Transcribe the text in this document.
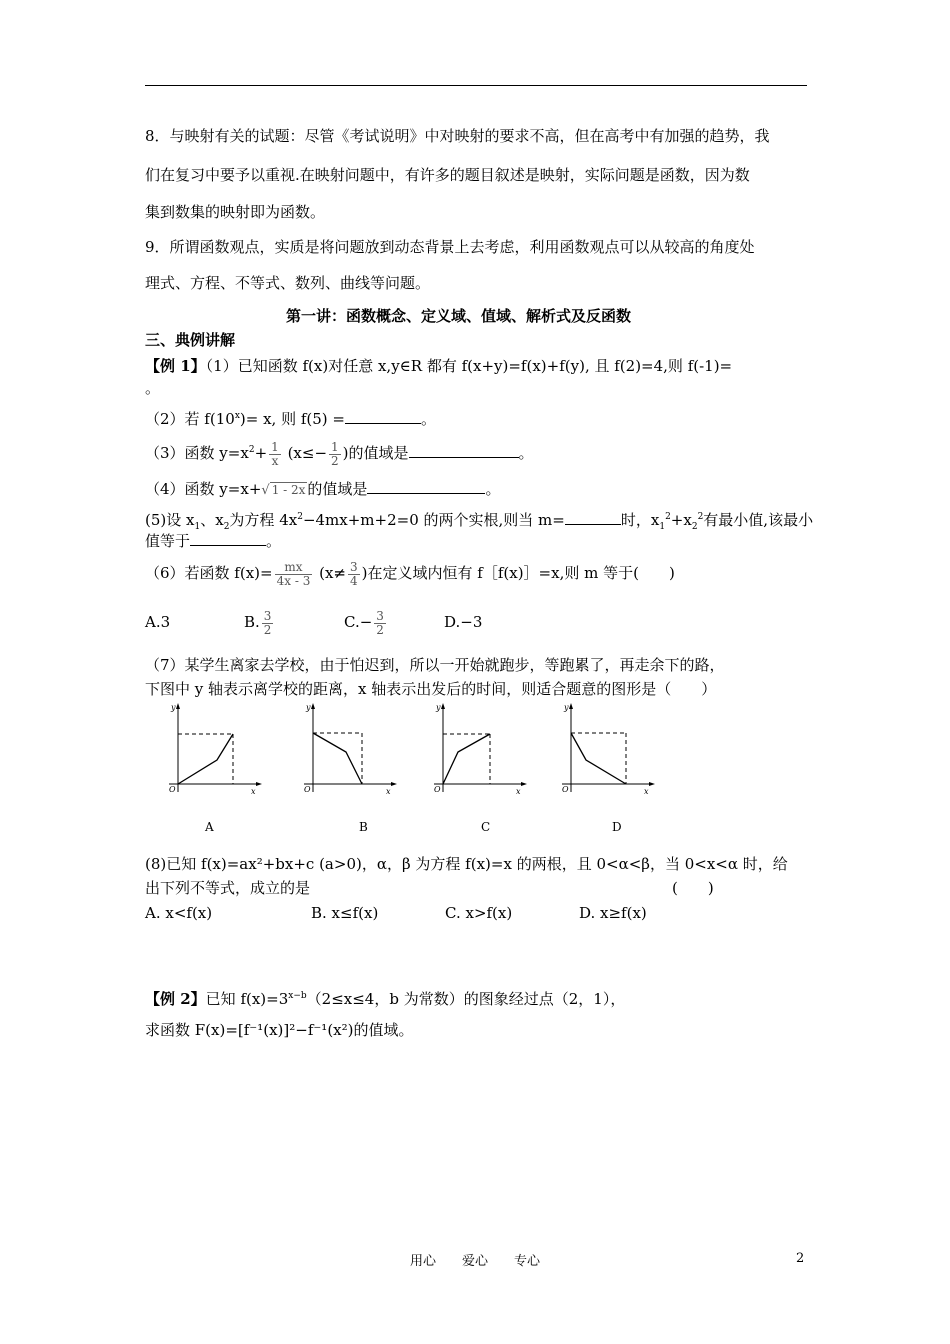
8．与映射有关的试题：尽管《考试说明》中对映射的要求不高，但在高考中有加强的趋势，我
们在复习中要予以重视.在映射问题中，有许多的题目叙述是映射，实际问题是函数，因为数
集到数集的映射即为函数。
9．所谓函数观点，实质是将问题放到动态背景上去考虑，利用函数观点可以从较高的角度处
理式、方程、不等式、数列、曲线等问题。
第一讲：函数概念、定义域、值域、解析式及反函数
三、典例讲解
【例 1】（1）已知函数 f(x)对任意 x,y∈R 都有 f(x+y)=f(x)+f(y), 且 f(2)=4,则 f(-1)=
。
（2）若 $f(10^x)= x$, 则 f(5) =	。
（3）函数 $y=x^2+ \frac{1}{x} (x\le- \frac{1}{2}$ )的值域是	。
（4）函数 y=x+√ 1 - 2x 的值域是	。
(5)设 $x_1$、$x_2$为方程 $4x^2-4mx+m+2=0$ 的两个实根,则当 m=	时，$x_1^2+x_2^2$有最小值,该最小
值等于	。
（6）若函数 $f(x)= \frac{mx}{4x - 3} (x\ne \frac{3}{4}$ )在定义域内恒有 f［f(x)］=x,则 m 等于(　　)
A.3	B. $\frac{3}{2}$	$C.- \frac{3}{2}$	D.−3
（7）某学生离家去学校，由于怕迟到，所以一开始就跑步，等跑累了，再走余下的路，
下图中 y 轴表示离学校的距离，x 轴表示出发后的时间，则适合题意的图形是（　　）
y
O	x
y
O	x
y
O	x
y
O	x
A	B	C	D
(8)已知 f(x)=ax²+bx+c (a>0)，α，β 为方程 f(x)=x 的两根，且 0<α<β，当 0<x<α 时，给
出下列不等式，成立的是	(　　)
A. x<f(x)	B. x≤f(x)	C. x>f(x)	D. x≥f(x)
【例 2】已知 $f(x)=3^{x-b}(2\le x\le 4$，b 为常数）的图象经过点（2，1），
求函数 F(x)=[f⁻¹(x)]²−f⁻¹(x²)的值域。
用心　　爱心　　专心	2
